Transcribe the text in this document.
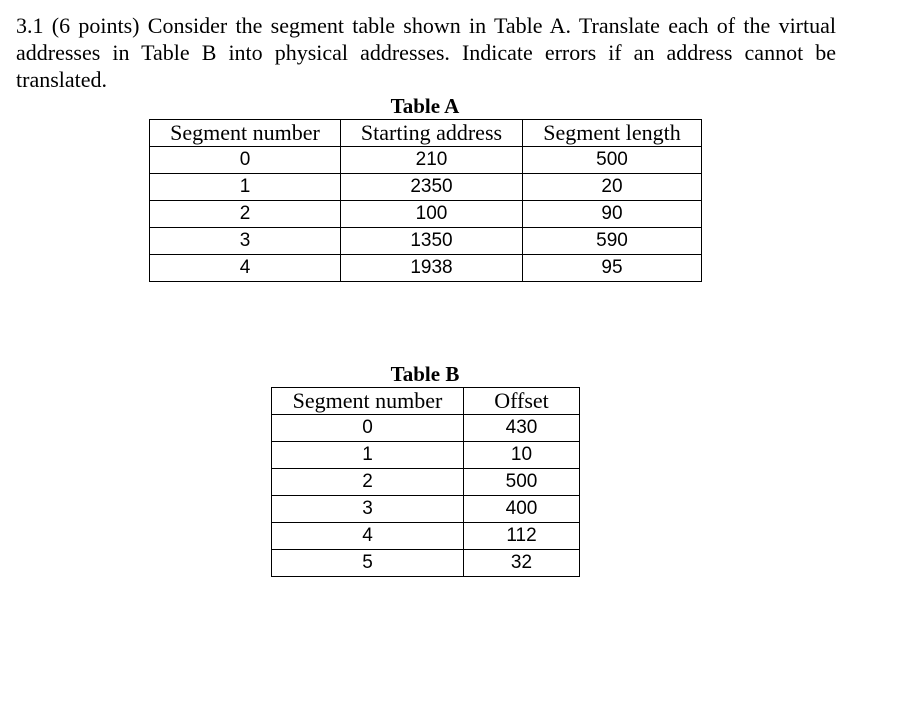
3.1 (6 points) Consider the segment table shown in Table A. Translate each of the virtual addresses in Table B into physical addresses. Indicate errors if an address cannot be translated.

Table A
Segment number	Starting address	Segment length
0	210	500
1	2350	20
2	100	90
3	1350	590
4	1938	95
Table B
Segment number	Offset
0	430
1	10
2	500
3	400
4	112
5	32
